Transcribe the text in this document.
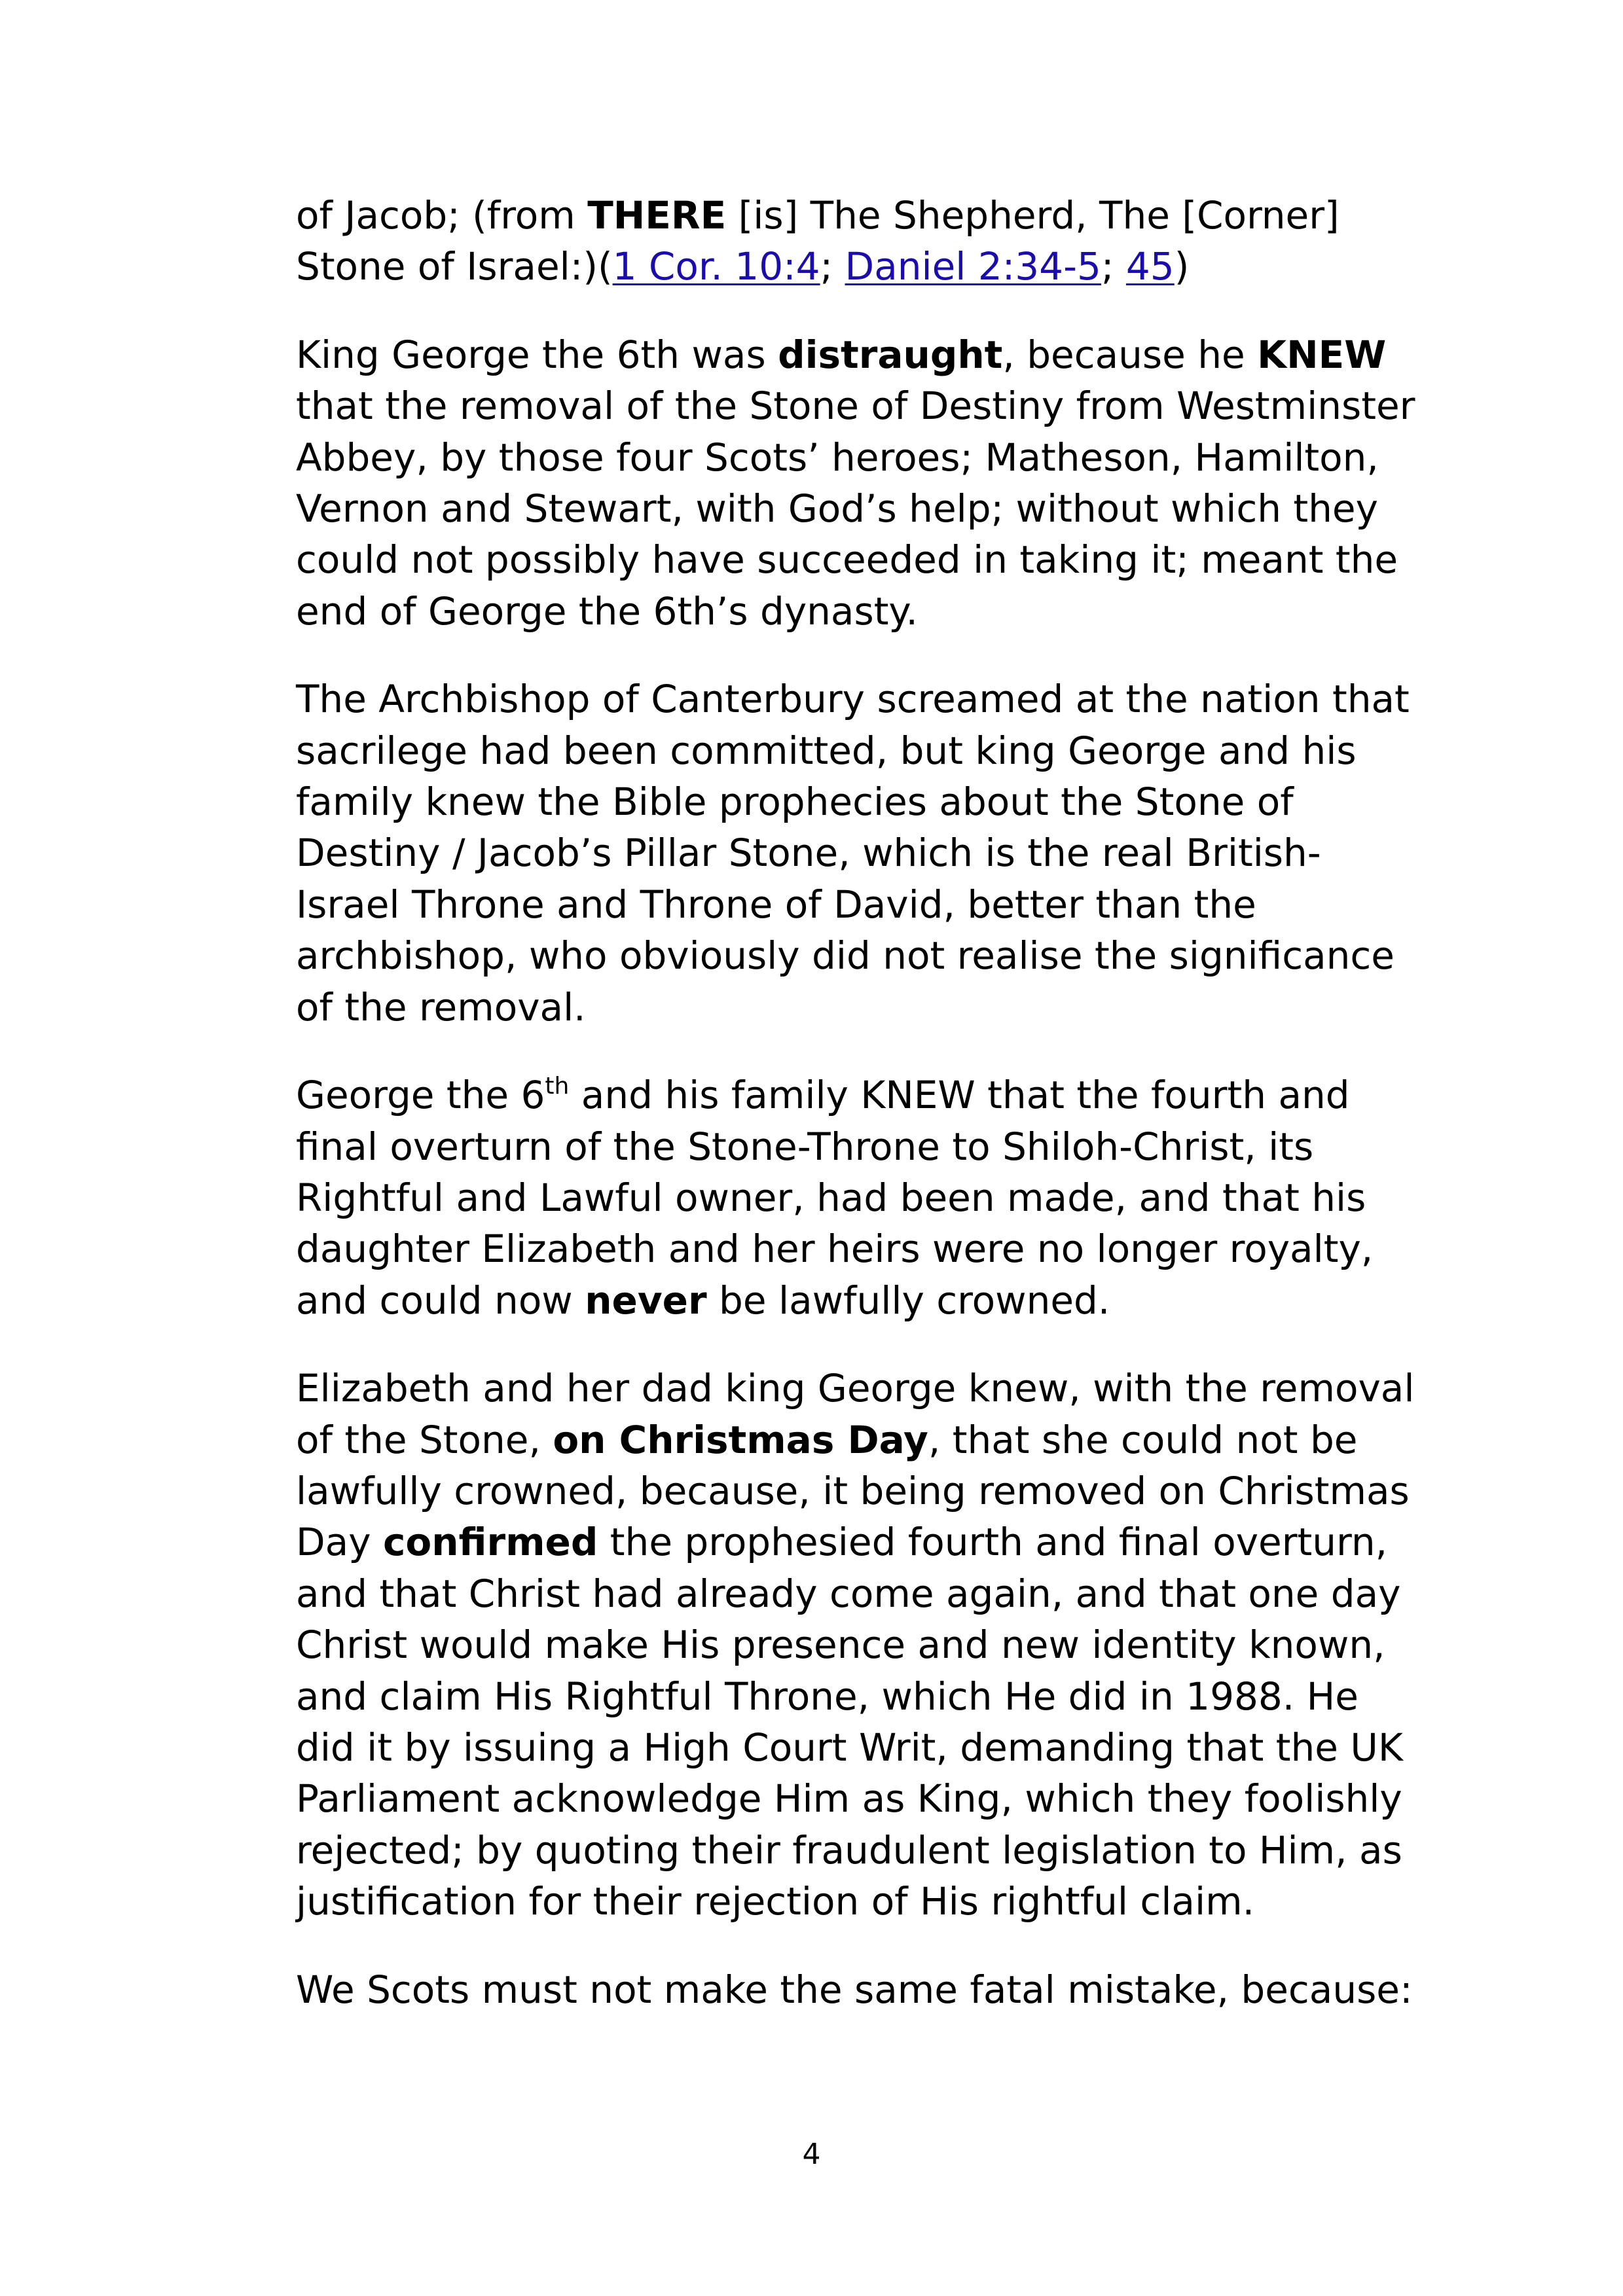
of Jacob; (from THERE [is] The Shepherd, The [Corner]
Stone of Israel:)(1 Cor. 10:4; Daniel 2:34-5; 45)

King George the 6th was distraught, because he KNEW
that the removal of the Stone of Destiny from Westminster
Abbey, by those four Scots’ heroes; Matheson, Hamilton,
Vernon and Stewart, with God’s help; without which they
could not possibly have succeeded in taking it; meant the
end of George the 6th’s dynasty.

The Archbishop of Canterbury screamed at the nation that
sacrilege had been committed, but king George and his
family knew the Bible prophecies about the Stone of
Destiny / Jacob’s Pillar Stone, which is the real British-
Israel Throne and Throne of David, better than the
archbishop, who obviously did not realise the significance
of the removal.

George the 6th and his family KNEW that the fourth and
final overturn of the Stone-Throne to Shiloh-Christ, its
Rightful and Lawful owner, had been made, and that his
daughter Elizabeth and her heirs were no longer royalty,
and could now never be lawfully crowned.

Elizabeth and her dad king George knew, with the removal
of the Stone, on Christmas Day, that she could not be
lawfully crowned, because, it being removed on Christmas
Day confirmed the prophesied fourth and final overturn,
and that Christ had already come again, and that one day
Christ would make His presence and new identity known,
and claim His Rightful Throne, which He did in 1988. He
did it by issuing a High Court Writ, demanding that the UK
Parliament acknowledge Him as King, which they foolishly
rejected; by quoting their fraudulent legislation to Him, as
justification for their rejection of His rightful claim.

We Scots must not make the same fatal mistake, because:

4
